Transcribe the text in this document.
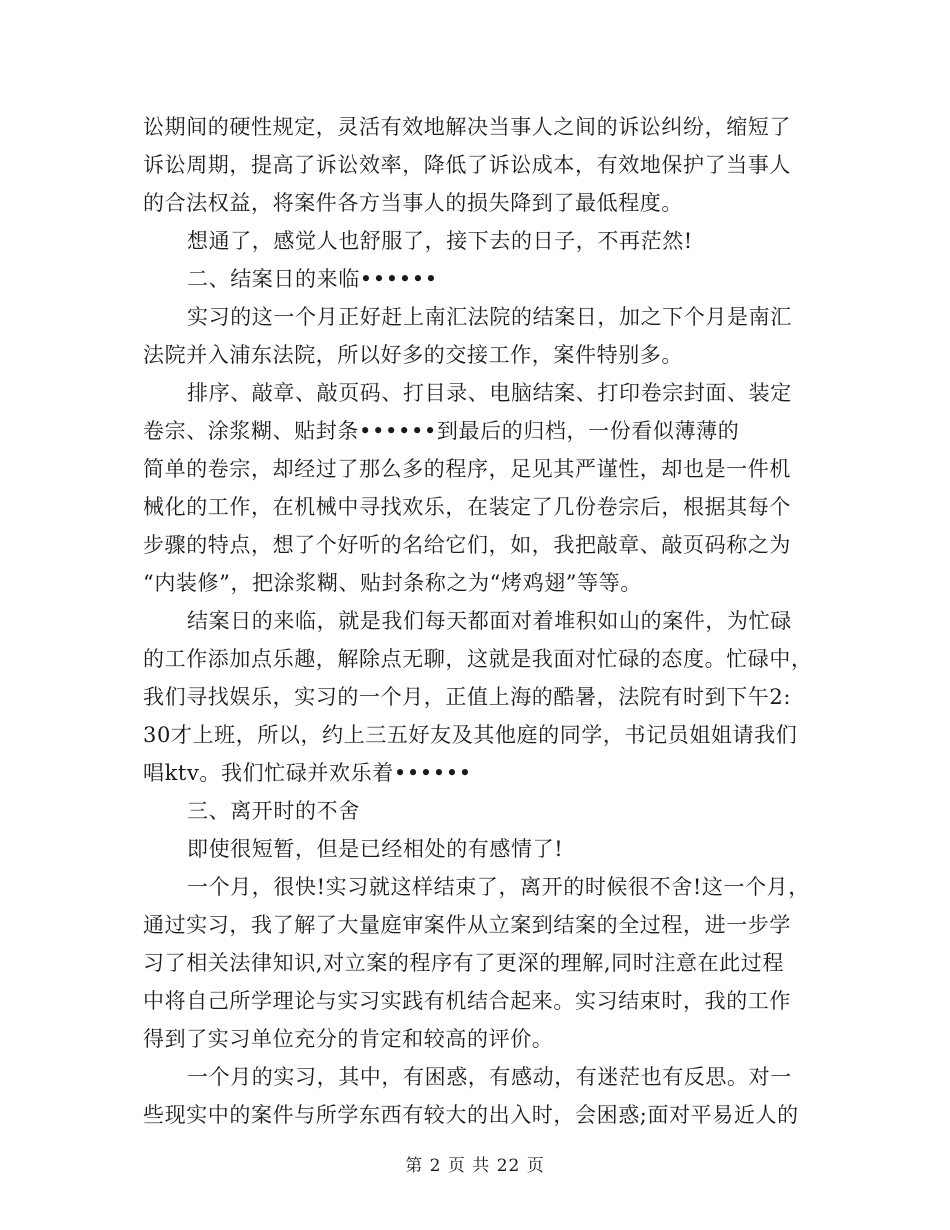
讼期间的硬性规定，灵活有效地解决当事人之间的诉讼纠纷，缩短了
诉讼周期，提高了诉讼效率，降低了诉讼成本，有效地保护了当事人
的合法权益，将案件各方当事人的损失降到了最低程度。
想通了，感觉人也舒服了，接下去的日子，不再茫然!
二、结案日的来临••••••
实习的这一个月正好赶上南汇法院的结案日，加之下个月是南汇
法院并入浦东法院，所以好多的交接工作，案件特别多。
排序、敲章、敲页码、打目录、电脑结案、打印卷宗封面、装定
卷宗、涂浆糊、贴封条••••••到最后的归档，一份看似薄薄的
简单的卷宗，却经过了那么多的程序，足见其严谨性，却也是一件机
械化的工作，在机械中寻找欢乐，在装定了几份卷宗后，根据其每个
步骤的特点，想了个好听的名给它们，如，我把敲章、敲页码称之为
“内装修”，把涂浆糊、贴封条称之为“烤鸡翅”等等。
结案日的来临，就是我们每天都面对着堆积如山的案件，为忙碌
的工作添加点乐趣，解除点无聊，这就是我面对忙碌的态度。忙碌中，
我们寻找娱乐，实习的一个月，正值上海的酷暑，法院有时到下午2:
30才上班，所以，约上三五好友及其他庭的同学，书记员姐姐请我们
唱ktv。我们忙碌并欢乐着••••••
三、离开时的不舍
即使很短暂，但是已经相处的有感情了!
一个月，很快!实习就这样结束了，离开的时候很不舍!这一个月，
通过实习，我了解了大量庭审案件从立案到结案的全过程，进一步学
习了相关法律知识,对立案的程序有了更深的理解,同时注意在此过程
中将自己所学理论与实习实践有机结合起来。实习结束时，我的工作
得到了实习单位充分的肯定和较高的评价。
一个月的实习，其中，有困惑，有感动，有迷茫也有反思。对一
些现实中的案件与所学东西有较大的出入时，会困惑;面对平易近人的
第 2 页 共 22 页
